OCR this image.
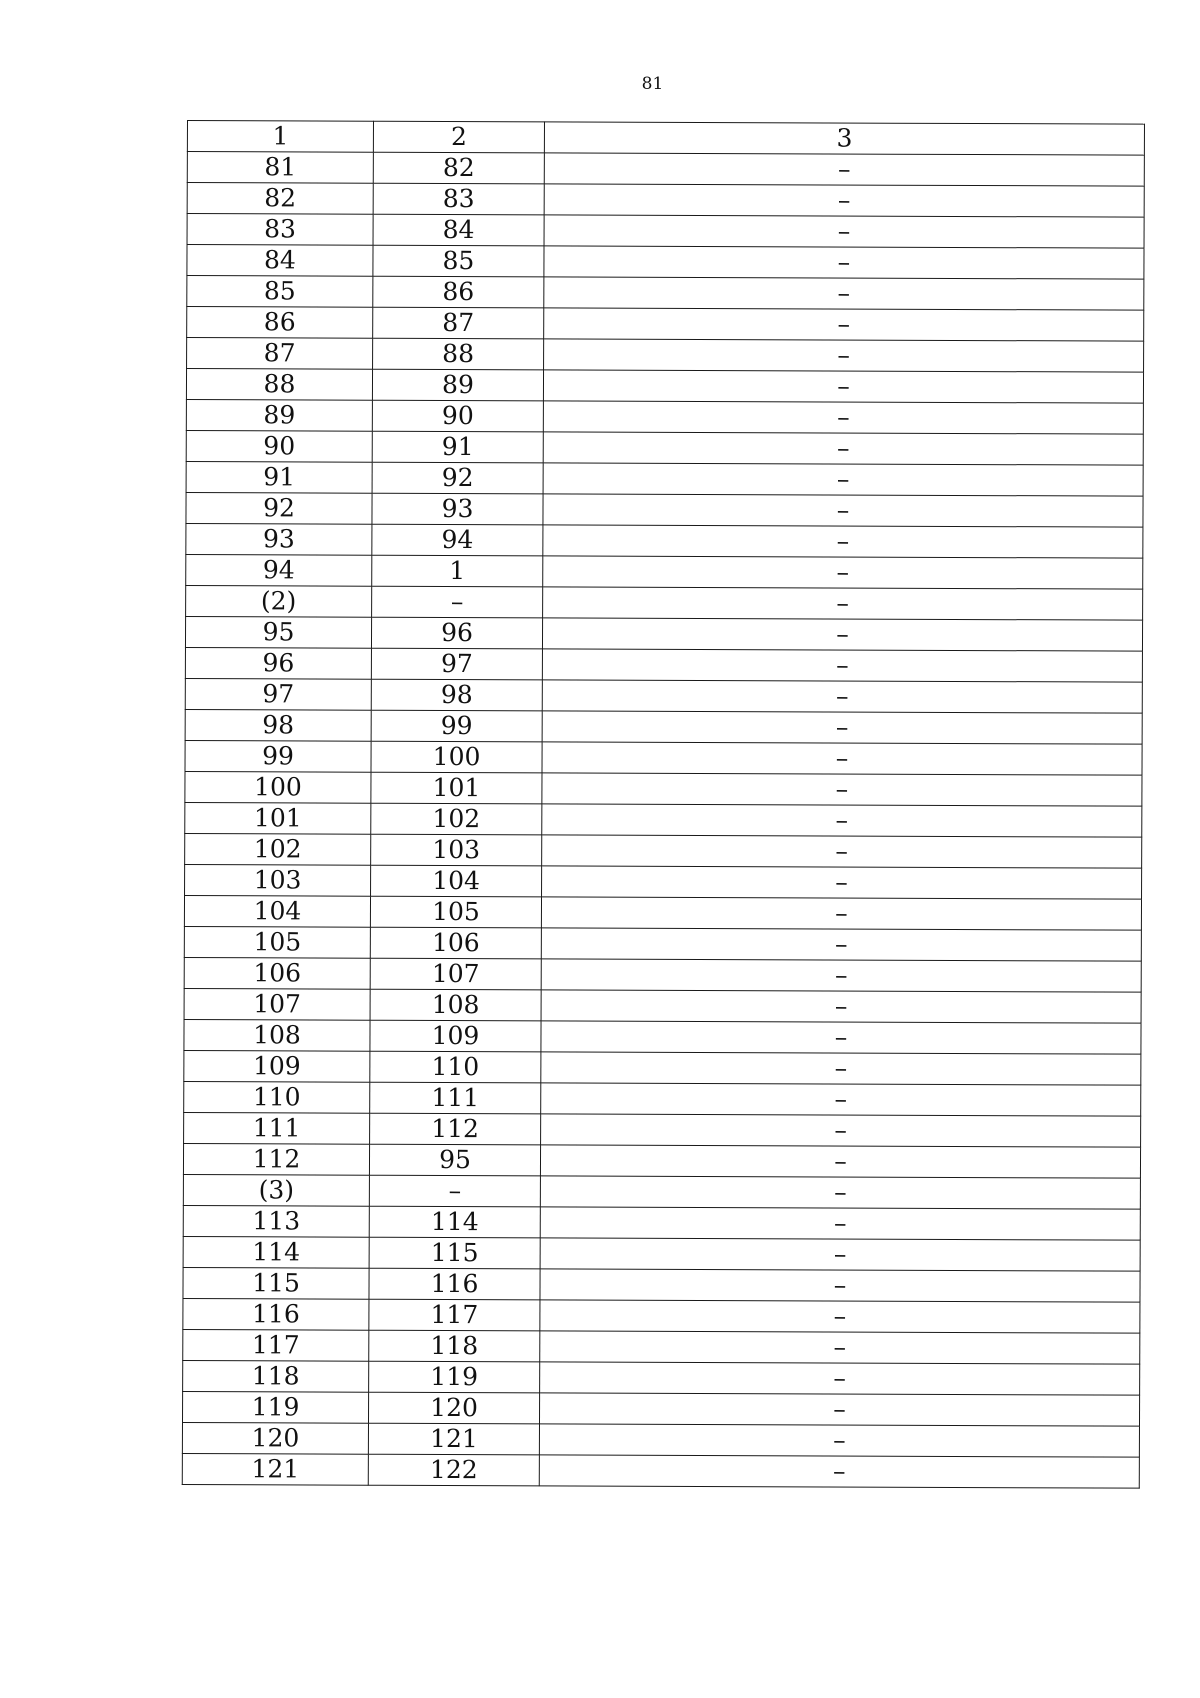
81
1	2	3
81	82	–
82	83	–
83	84	–
84	85	–
85	86	–
86	87	–
87	88	–
88	89	–
89	90	–
90	91	–
91	92	–
92	93	–
93	94	–
94	1	–
(2)	–	–
95	96	–
96	97	–
97	98	–
98	99	–
99	100	–
100	101	–
101	102	–
102	103	–
103	104	–
104	105	–
105	106	–
106	107	–
107	108	–
108	109	–
109	110	–
110	111	–
111	112	–
112	95	–
(3)	–	–
113	114	–
114	115	–
115	116	–
116	117	–
117	118	–
118	119	–
119	120	–
120	121	–
121	122	–
